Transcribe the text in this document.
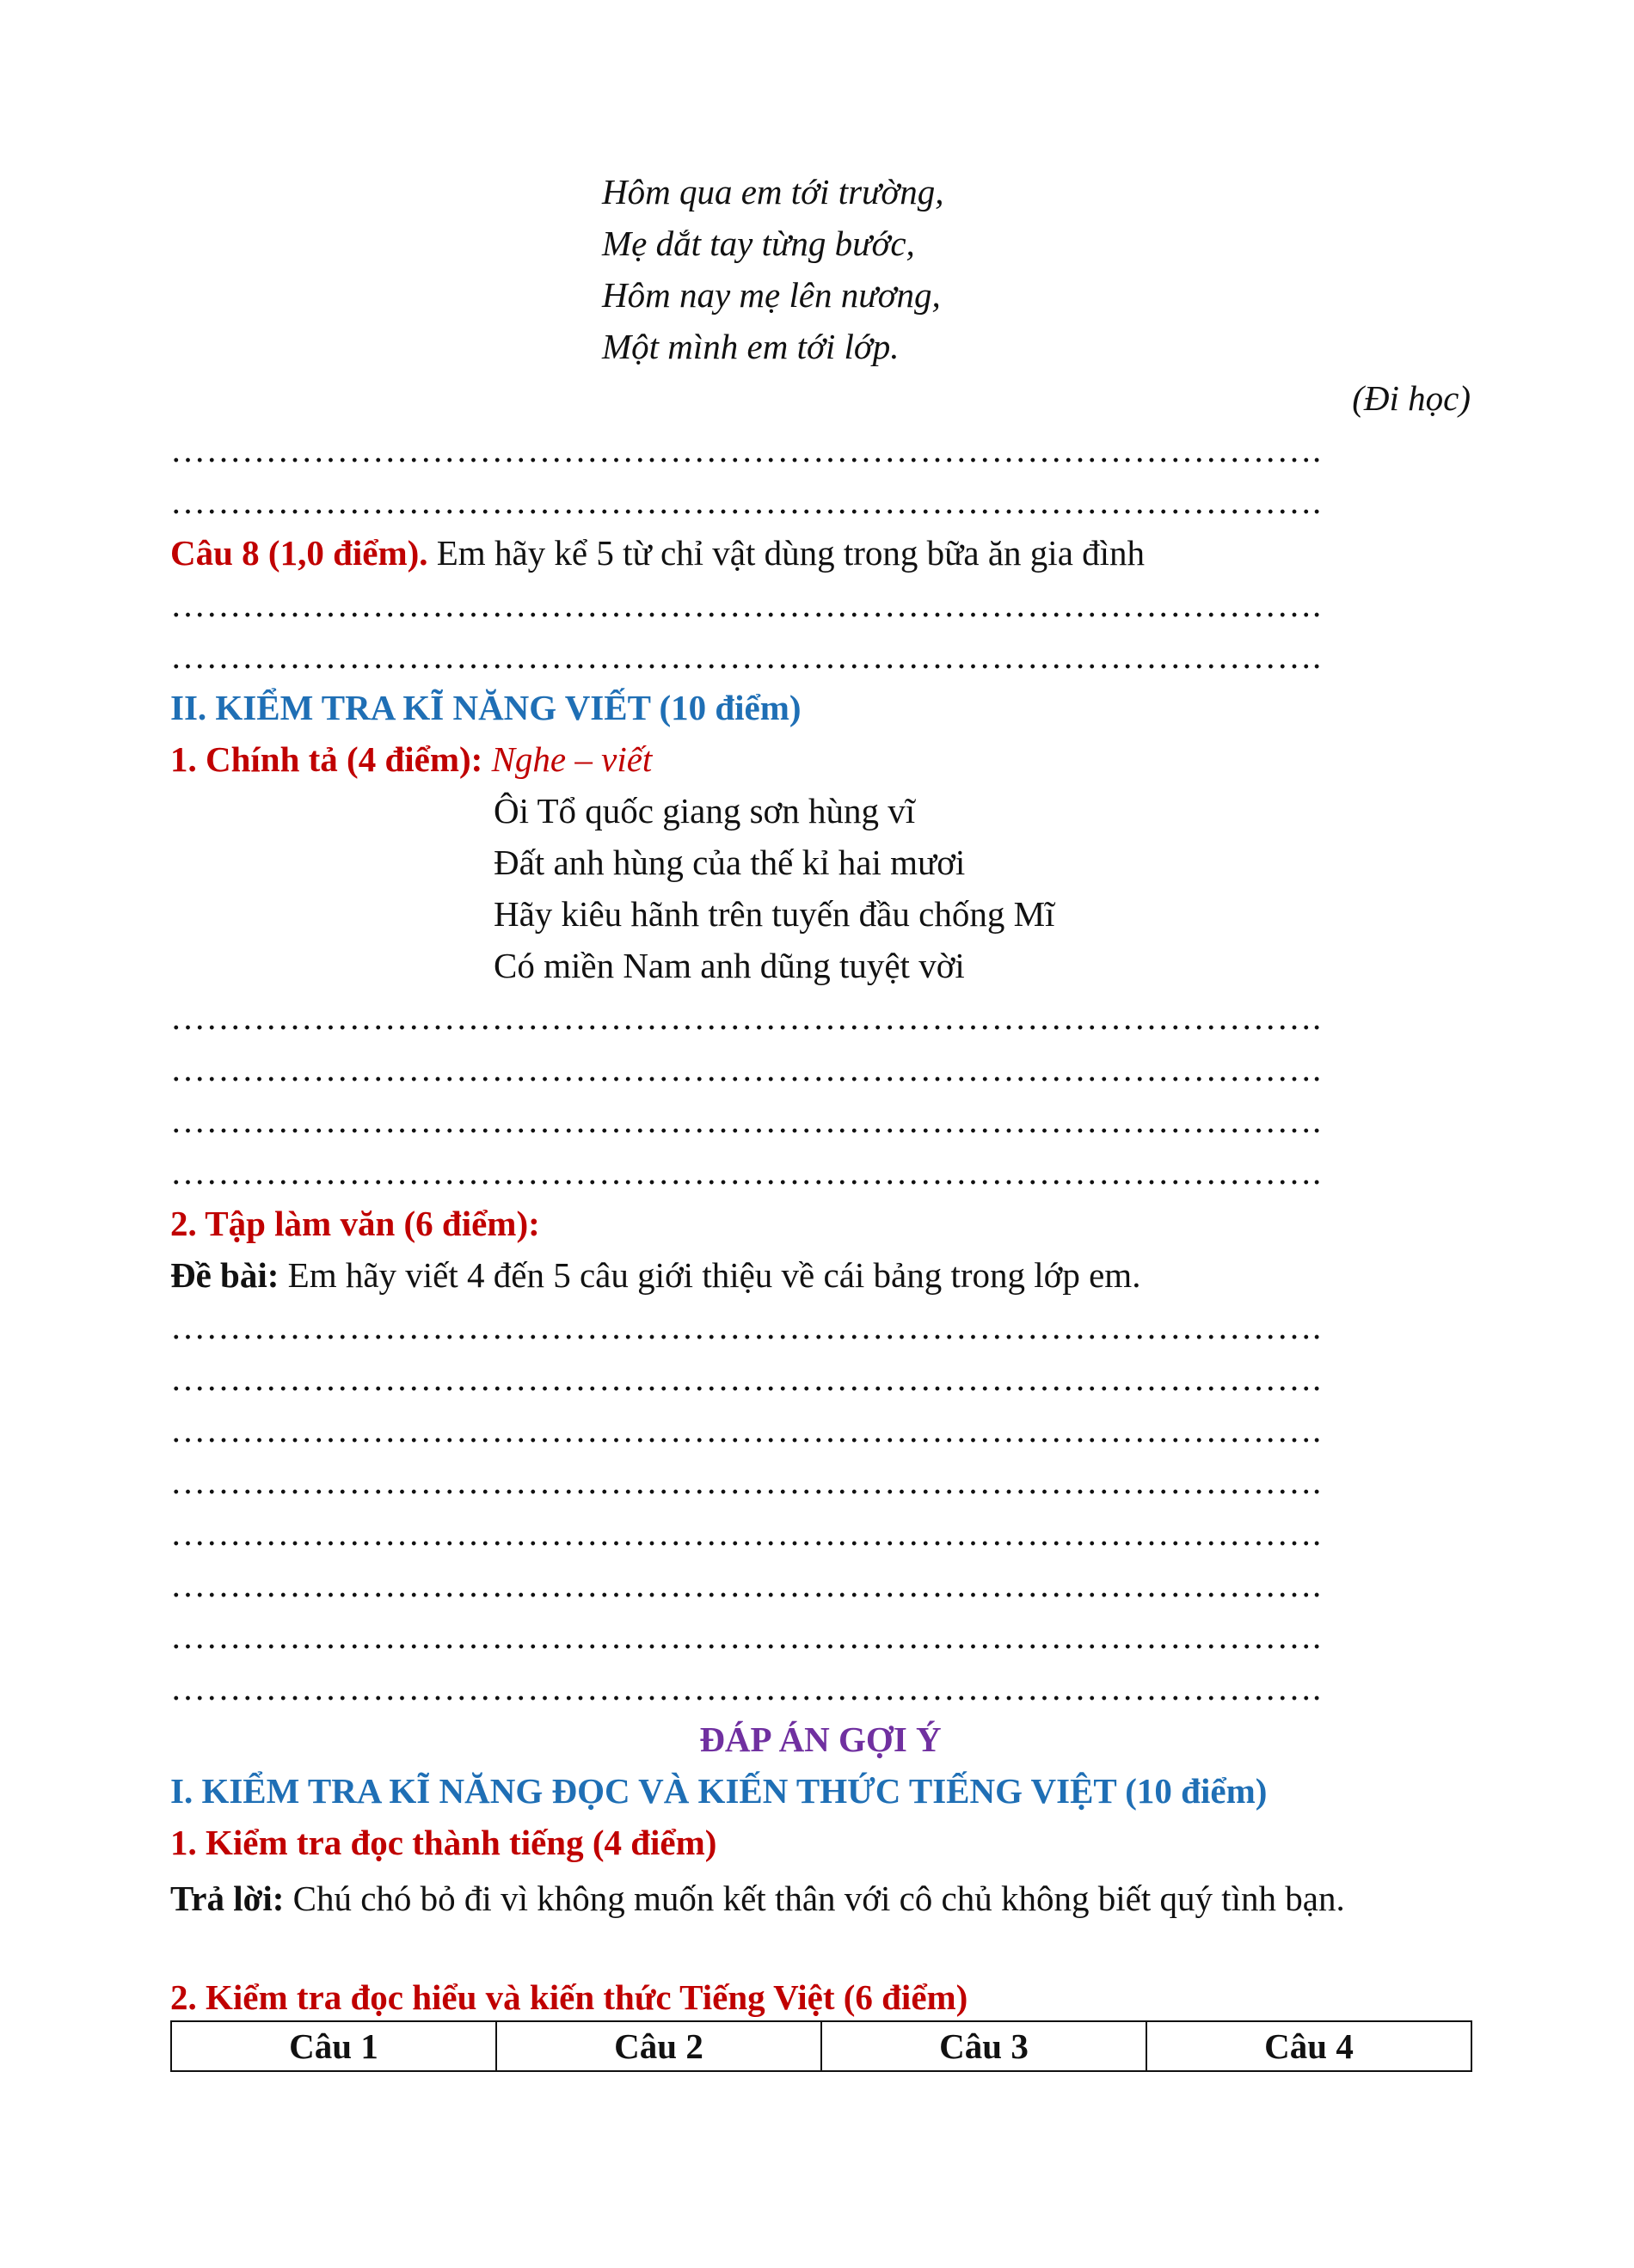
Hôm qua em tới trường,
Mẹ dắt tay từng bước,
Hôm nay mẹ lên nương,
Một mình em tới lớp.
(Đi học)
…………………………………………………………………………………….
…………………………………………………………………………………….
Câu 8 (1,0 điểm). Em hãy kể 5 từ chỉ vật dùng trong bữa ăn gia đình
…………………………………………………………………………………….
…………………………………………………………………………………….
II. KIỂM TRA KĨ NĂNG VIẾT (10 điểm)
1. Chính tả (4 điểm): Nghe – viết
Ôi Tổ quốc giang sơn hùng vĩ
Đất anh hùng của thế kỉ hai mươi
Hãy kiêu hãnh trên tuyến đầu chống Mĩ
Có miền Nam anh dũng tuyệt vời
…………………………………………………………………………………….
…………………………………………………………………………………….
…………………………………………………………………………………….
…………………………………………………………………………………….
2. Tập làm văn (6 điểm):
Đề bài: Em hãy viết 4 đến 5 câu giới thiệu về cái bảng trong lớp em.
…………………………………………………………………………………….
…………………………………………………………………………………….
…………………………………………………………………………………….
…………………………………………………………………………………….
…………………………………………………………………………………….
…………………………………………………………………………………….
…………………………………………………………………………………….
…………………………………………………………………………………….
ĐÁP ÁN GỢI Ý
I. KIỂM TRA KĨ NĂNG ĐỌC VÀ KIẾN THỨC TIẾNG VIỆT (10 điểm)
1. Kiểm tra đọc thành tiếng (4 điểm)
Trả lời: Chú chó bỏ đi vì không muốn kết thân với cô chủ không biết quý tình bạn.
2. Kiểm tra đọc hiểu và kiến thức Tiếng Việt (6 điểm)
Câu 1	Câu 2	Câu 3	Câu 4
